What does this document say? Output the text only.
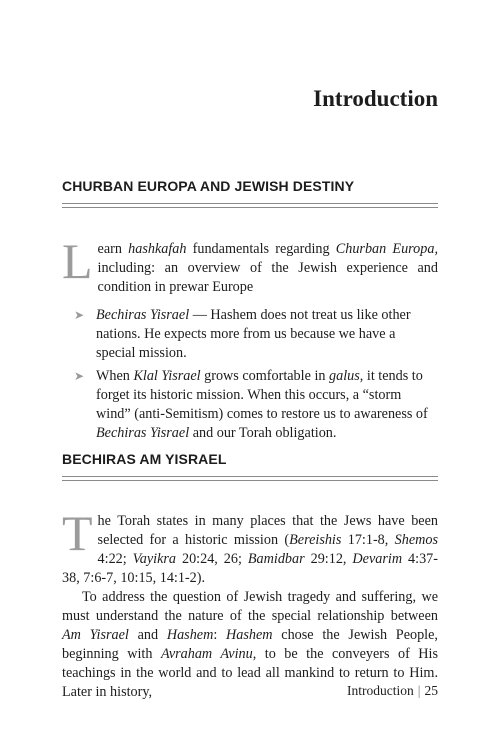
Introduction
CHURBAN EUROPA AND JEWISH DESTINY

Learn hashkafah fundamentals regarding Churban Europa, including: an overview of the Jewish experience and condition in prewar Europe

➤ Bechiras Yisrael — Hashem does not treat us like other nations. He expects more from us because we have a special mission.
➤ When Klal Yisrael grows comfortable in galus, it tends to forget its historic mission. When this occurs, a “storm wind” (anti-Semitism) comes to restore us to awareness of Bechiras Yisrael and our Torah obligation.
BECHIRAS AM YISRAEL

The Torah states in many places that the Jews have been selected for a historic mission (Bereishis 17:1-8, Shemos 4:22; Vayikra 20:24, 26; Bamidbar 29:12, Devarim 4:37-38, 7:6-7, 10:15, 14:1-2).

To address the question of Jewish tragedy and suffering, we must understand the nature of the special relationship between Am Yisrael and Hashem: Hashem chose the Jewish People, beginning with Avraham Avinu, to be the conveyers of His teachings in the world and to lead all mankind to return to Him. Later in history,	Introduction | 25
